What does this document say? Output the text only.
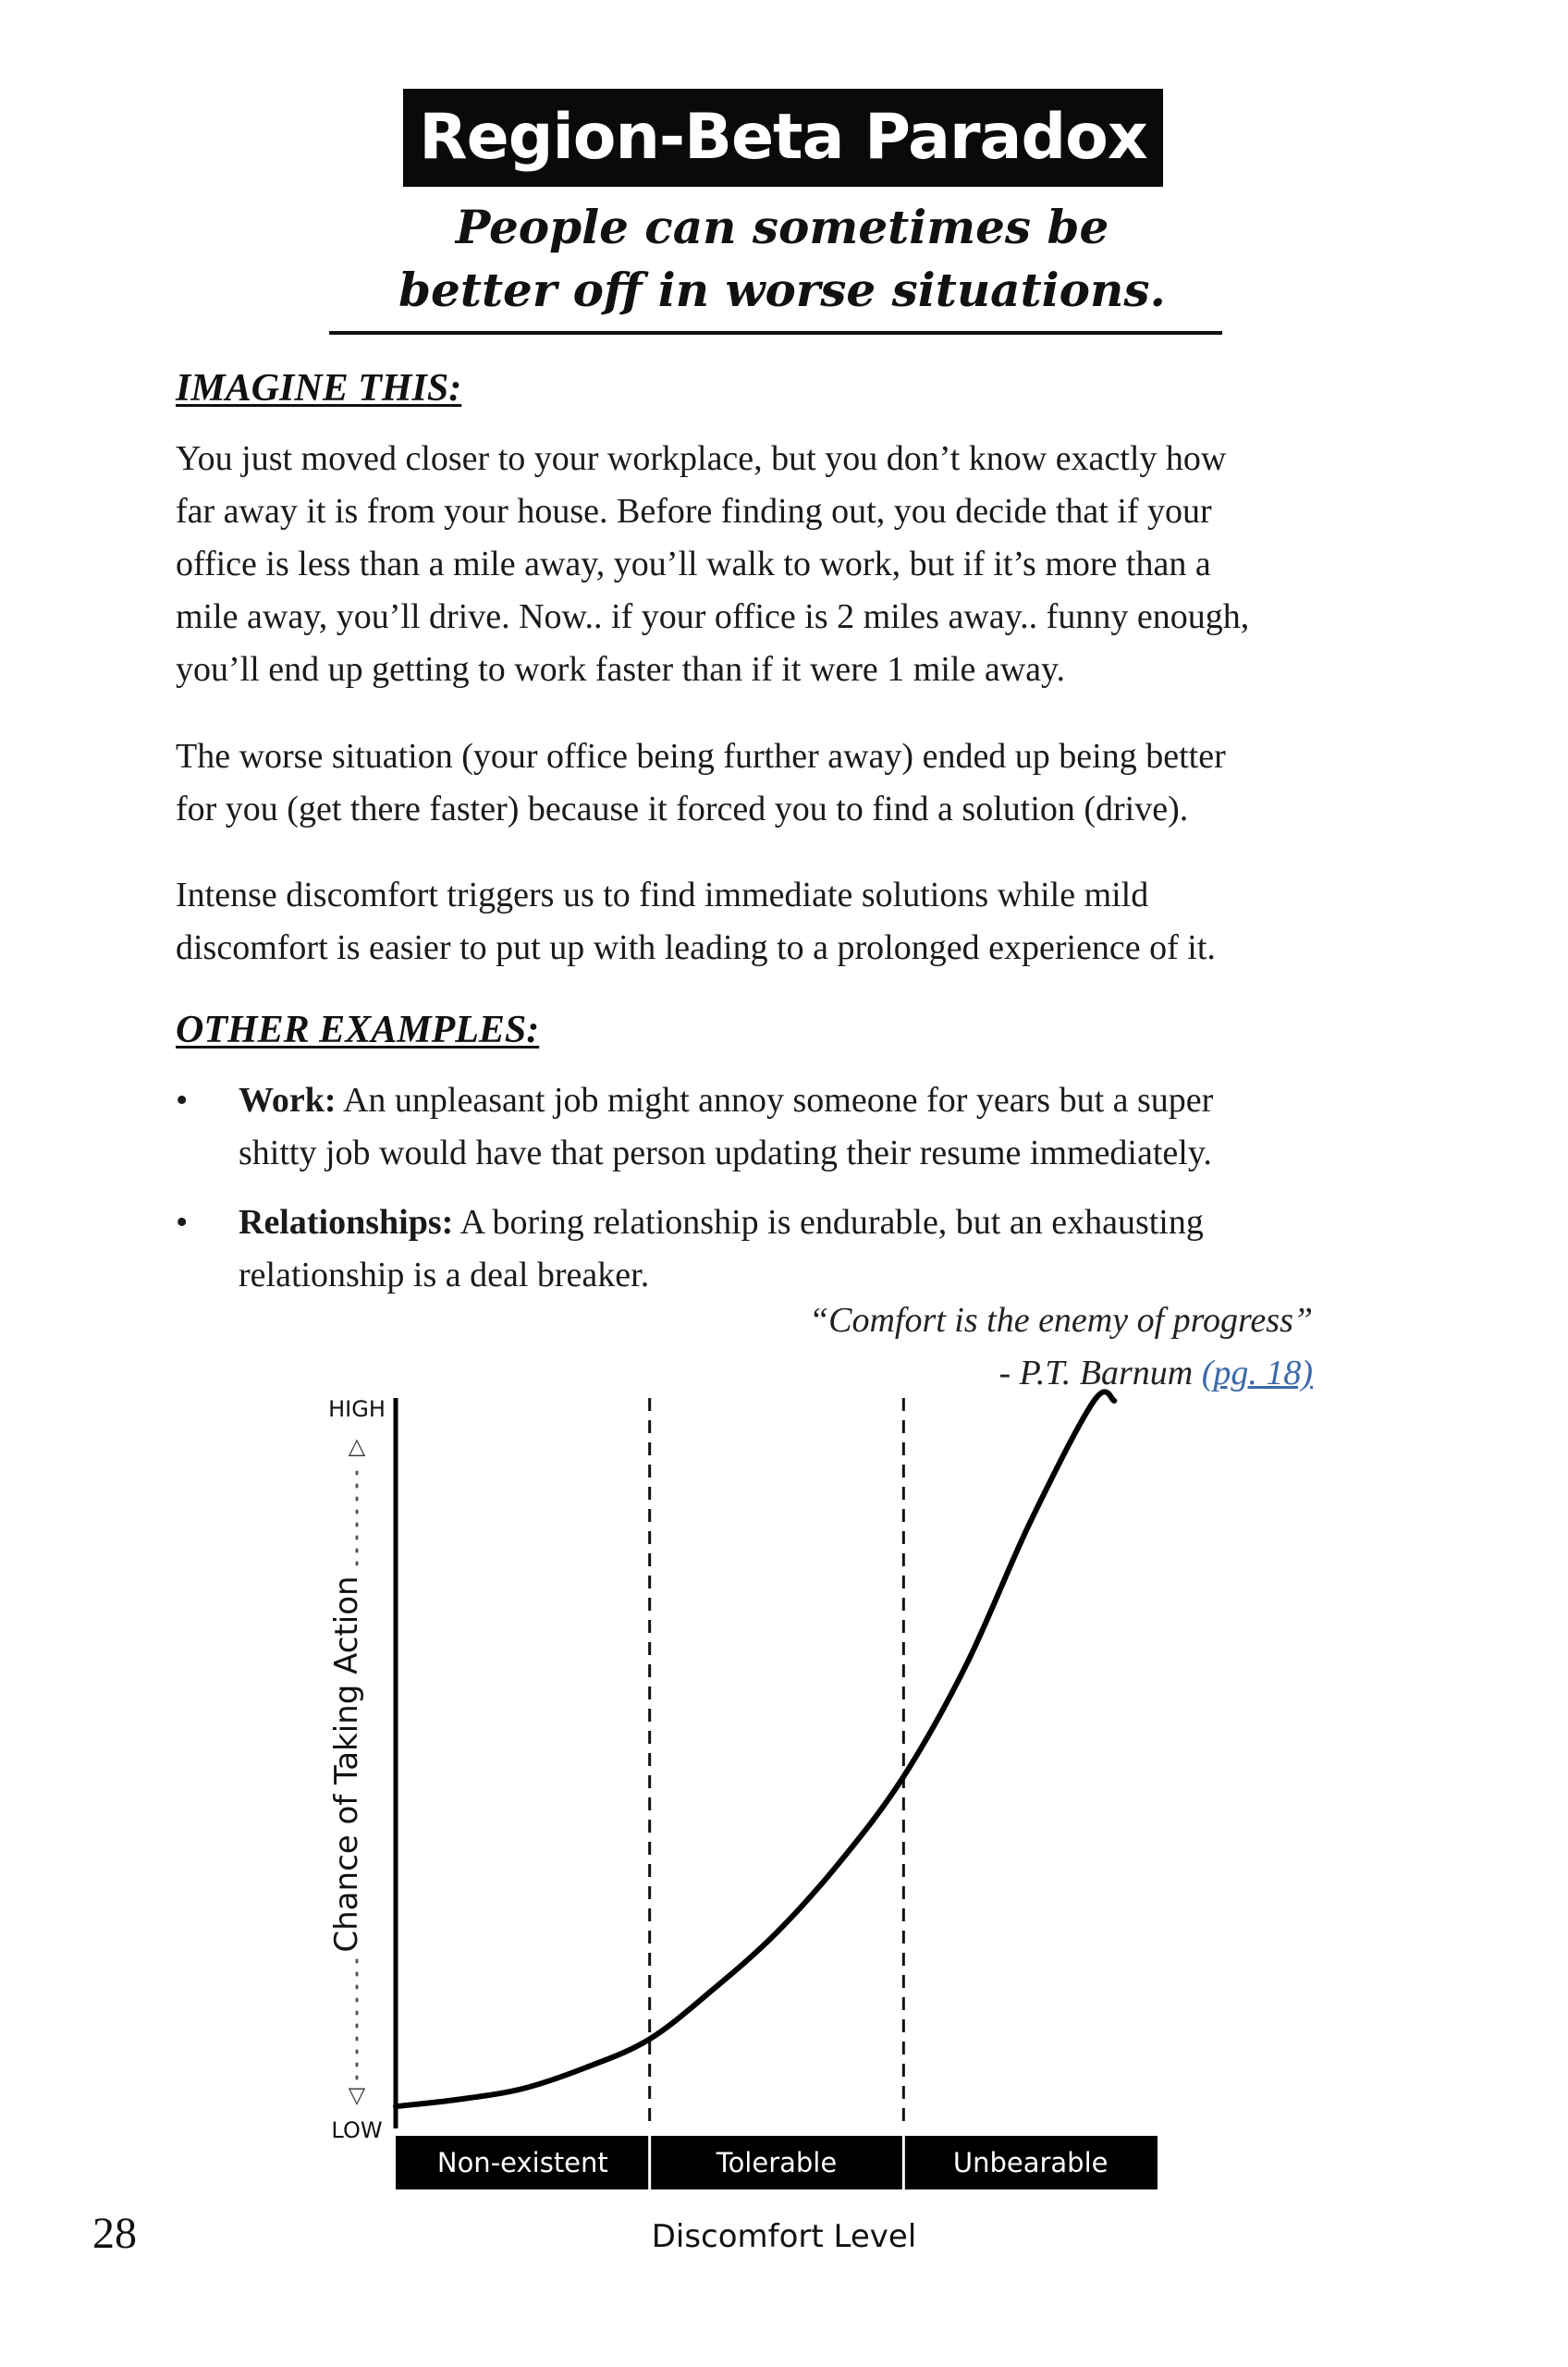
Region-Beta Paradox
People can sometimes be
better off in worse situations.
IMAGINE THIS:
You just moved closer to your workplace, but you don’t know exactly how
far away it is from your house. Before finding out, you decide that if your
office is less than a mile away, you’ll walk to work, but if it’s more than a
mile away, you’ll drive. Now.. if your office is 2 miles away.. funny enough,
you’ll end up getting to work faster than if it were 1 mile away.
The worse situation (your office being further away) ended up being better
for you (get there faster) because it forced you to find a solution (drive).
Intense discomfort triggers us to find immediate solutions while mild
discomfort is easier to put up with leading to a prolonged experience of it.
OTHER EXAMPLES:
• Work: An unpleasant job might annoy someone for years but a super
shitty job would have that person updating their resume immediately.
• Relationships: A boring relationship is endurable, but an exhausting
relationship is a deal breaker.
“Comfort is the enemy of progress”
- P.T. Barnum (pg. 18)
Non-existent	Tolerable	Unbearable
Discomfort Level
HIGH
LOW
△
▽
Chance of Taking Action
28
